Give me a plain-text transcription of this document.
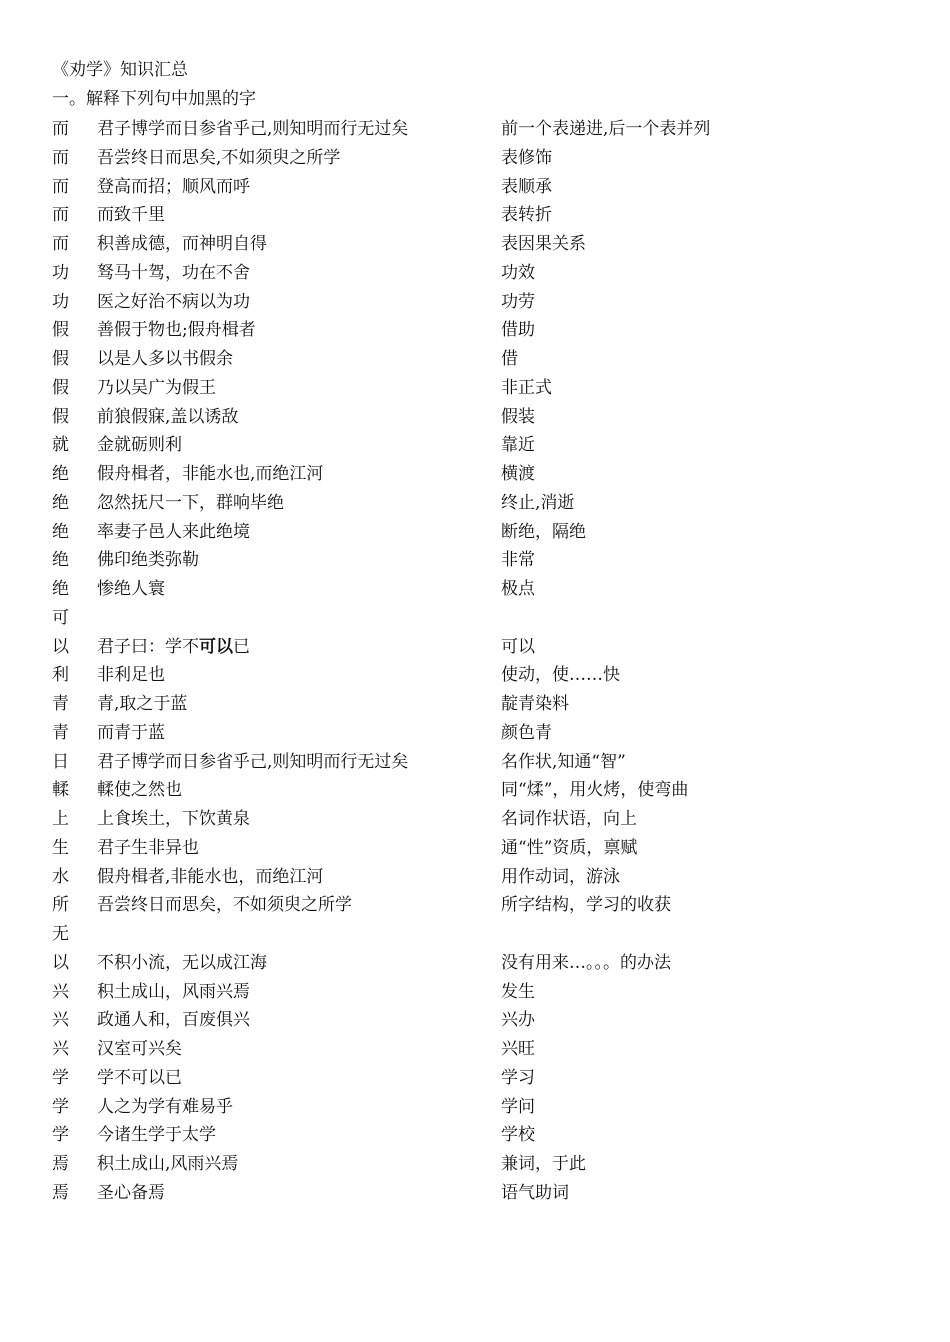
《劝学》知识汇总
一。解释下列句中加黑的字
而 君子博学而日参省乎己,则知明而行无过矣	前一个表递进,后一个表并列
而 吾尝终日而思矣,不如须臾之所学	表修饰
而 登高而招；顺风而呼	表顺承
而 而致千里	表转折
而 积善成德，而神明自得	表因果关系
功 驽马十驾，功在不舍	功效
功 医之好治不病以为功	功劳
假 善假于物也;假舟楫者	借助
假 以是人多以书假余	借
假 乃以吴广为假王	非正式
假 前狼假寐,盖以诱敌	假装
就 金就砺则利	靠近
绝 假舟楫者，非能水也,而绝江河	横渡
绝 忽然抚尺一下，群响毕绝	终止,消逝
绝 率妻子邑人来此绝境	断绝，隔绝
绝 佛印绝类弥勒	非常
绝 惨绝人寰	极点
可
以 君子曰：学不可以已	可以
利 非利足也	使动，使……快
青 青,取之于蓝	靛青染料
青 而青于蓝	颜色青
日 君子博学而日参省乎己,则知明而行无过矣	名作状,知通“智”
輮 輮使之然也	同“煣”，用火烤，使弯曲
上 上食埃土，下饮黄泉	名词作状语，向上
生 君子生非异也	通“性”资质，禀赋
水 假舟楫者,非能水也，而绝江河	用作动词，游泳
所 吾尝终日而思矣，不如须臾之所学	所字结构，学习的收获
无
以 不积小流，无以成江海	没有用来…。。。的办法
兴 积土成山，风雨兴焉	发生
兴 政通人和，百废俱兴	兴办
兴 汉室可兴矣	兴旺
学 学不可以已	学习
学 人之为学有难易乎	学问
学 今诸生学于太学	学校
焉 积土成山,风雨兴焉	兼词，于此
焉 圣心备焉	语气助词
